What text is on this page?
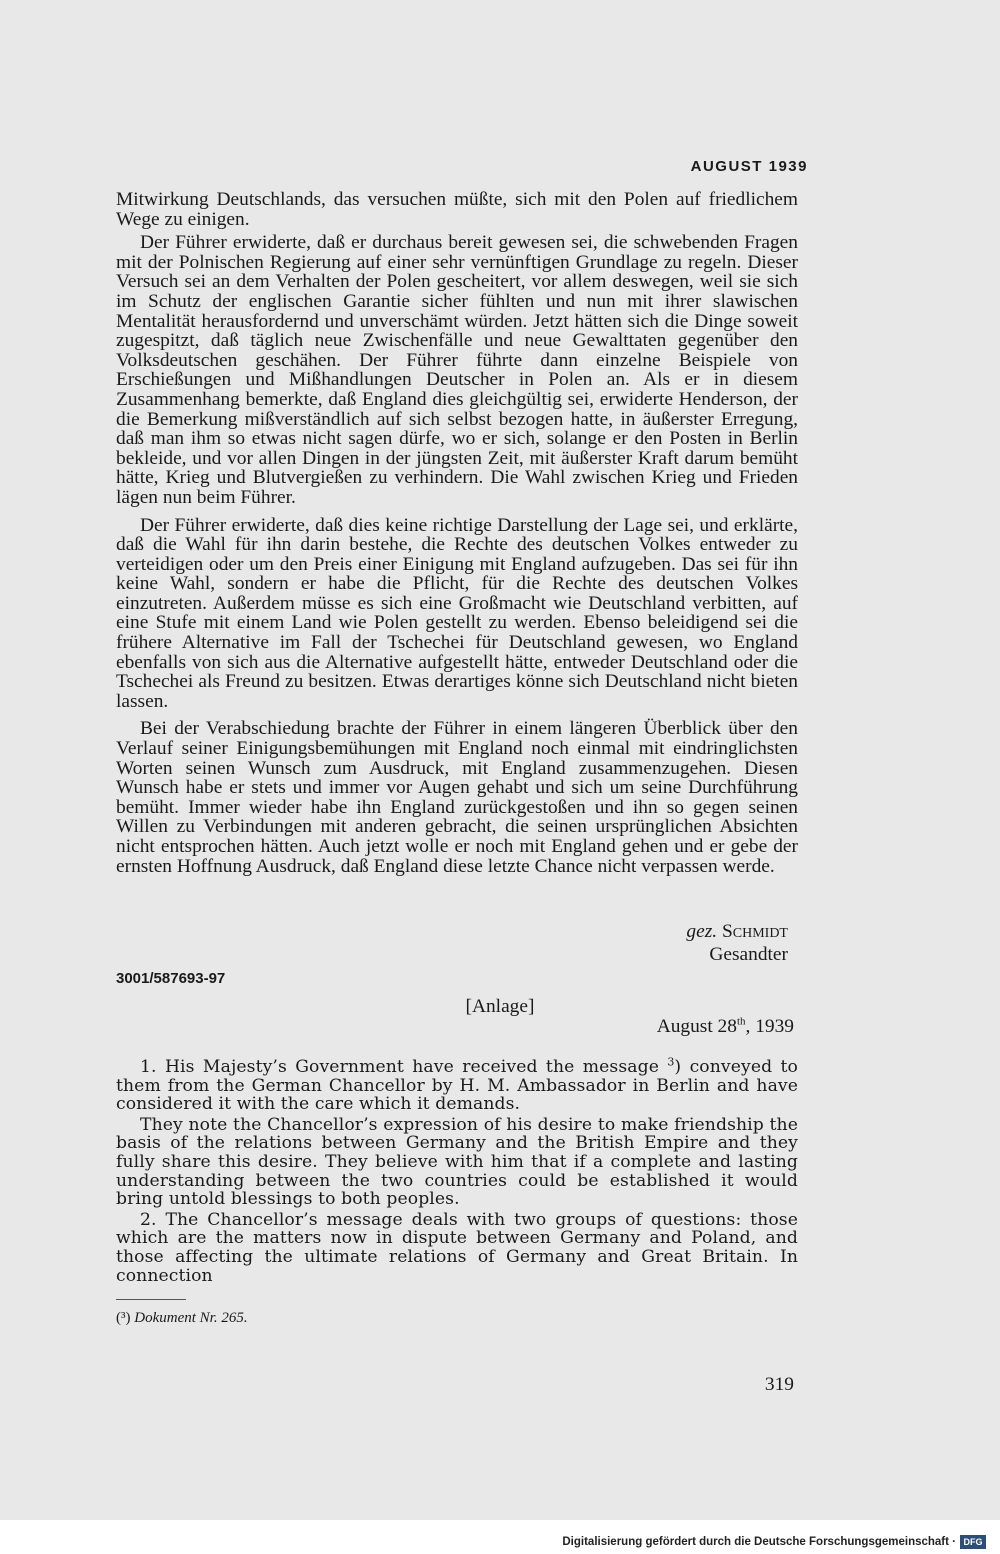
AUGUST 1939

Mitwirkung Deutschlands, das versuchen müßte, sich mit den Polen auf friedlichem Wege zu einigen.

Der Führer erwiderte, daß er durchaus bereit gewesen sei, die schwebenden Fragen mit der Polnischen Regierung auf einer sehr vernünftigen Grundlage zu regeln. Dieser Versuch sei an dem Verhalten der Polen gescheitert, vor allem deswegen, weil sie sich im Schutz der englischen Garantie sicher fühlten und nun mit ihrer slawischen Mentalität herausfordernd und unverschämt würden. Jetzt hätten sich die Dinge soweit zugespitzt, daß täglich neue Zwischenfälle und neue Gewalttaten gegenüber den Volksdeutschen geschähen. Der Führer führte dann einzelne Beispiele von Erschießungen und Mißhandlungen Deutscher in Polen an. Als er in diesem Zusammenhang bemerkte, daß England dies gleichgültig sei, erwiderte Henderson, der die Bemerkung mißverständlich auf sich selbst bezogen hatte, in äußerster Erregung, daß man ihm so etwas nicht sagen dürfe, wo er sich, solange er den Posten in Berlin bekleide, und vor allen Dingen in der jüngsten Zeit, mit äußerster Kraft darum bemüht hätte, Krieg und Blutvergießen zu verhindern. Die Wahl zwischen Krieg und Frieden lägen nun beim Führer.

Der Führer erwiderte, daß dies keine richtige Darstellung der Lage sei, und erklärte, daß die Wahl für ihn darin bestehe, die Rechte des deutschen Volkes entweder zu verteidigen oder um den Preis einer Einigung mit England aufzugeben. Das sei für ihn keine Wahl, sondern er habe die Pflicht, für die Rechte des deutschen Volkes einzutreten. Außerdem müsse es sich eine Großmacht wie Deutschland verbitten, auf eine Stufe mit einem Land wie Polen gestellt zu werden. Ebenso beleidigend sei die frühere Alternative im Fall der Tschechei für Deutschland gewesen, wo England ebenfalls von sich aus die Alternative aufgestellt hätte, entweder Deutschland oder die Tschechei als Freund zu besitzen. Etwas derartiges könne sich Deutschland nicht bieten lassen.

Bei der Verabschiedung brachte der Führer in einem längeren Überblick über den Verlauf seiner Einigungsbemühungen mit England noch einmal mit eindringlichsten Worten seinen Wunsch zum Ausdruck, mit England zusammenzugehen. Diesen Wunsch habe er stets und immer vor Augen gehabt und sich um seine Durchführung bemüht. Immer wieder habe ihn England zurückgestoßen und ihn so gegen seinen Willen zu Verbindungen mit anderen gebracht, die seinen ursprünglichen Absichten nicht entsprochen hätten. Auch jetzt wolle er noch mit England gehen und er gebe der ernsten Hoffnung Ausdruck, daß England diese letzte Chance nicht verpassen werde.

gez. Schmidt
Gesandter
3001/587693-97
[Anlage]
August 28th, 1939

1. His Majesty’s Government have received the message $^3$) conveyed to them from the German Chancellor by H. M. Ambassador in Berlin and have considered it with the care which it demands.

They note the Chancellor’s expression of his desire to make friendship the basis of the relations between Germany and the British Empire and they fully share this desire. They believe with him that if a complete and lasting understanding between the two countries could be established it would bring untold blessings to both peoples.

2. The Chancellor’s message deals with two groups of questions: those which are the matters now in dispute between Germany and Poland, and those affecting the ultimate relations of Germany and Great Britain. In connection

(³) Dokument Nr. 265.
319
Digitalisierung gefördert durch die Deutsche Forschungsgemeinschaft · DFG
